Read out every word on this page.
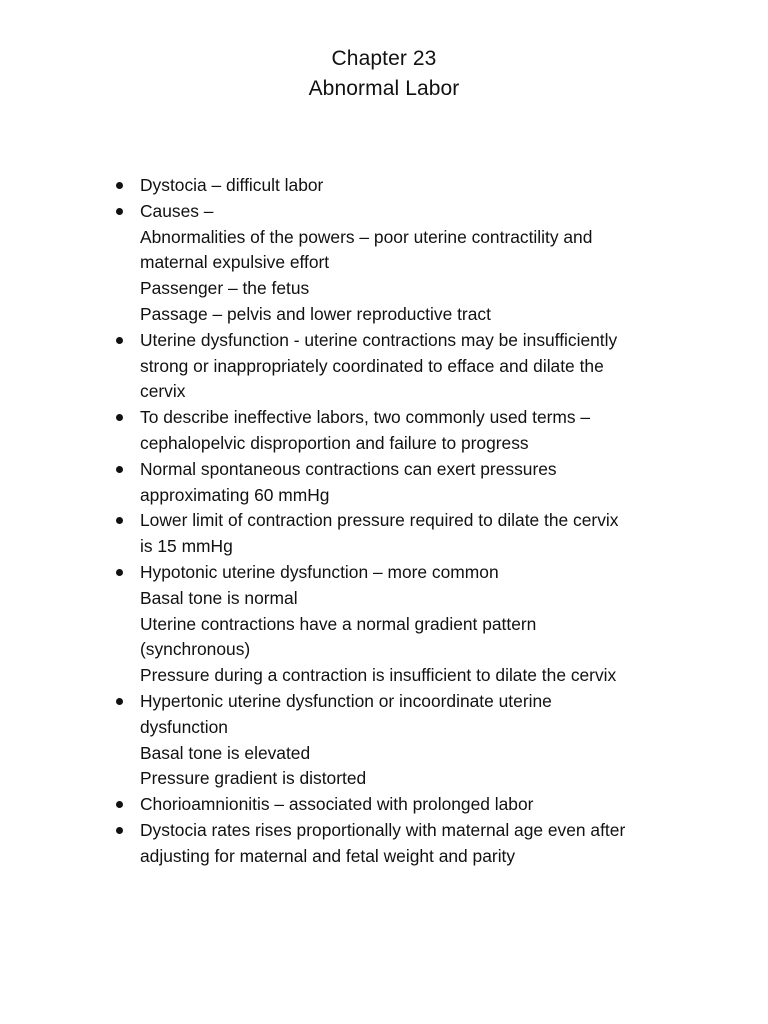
Chapter 23
Abnormal Labor
Dystocia – difficult labor
Causes –
Abnormalities of the powers – poor uterine contractility and
maternal expulsive effort
Passenger – the fetus
Passage – pelvis and lower reproductive tract
Uterine dysfunction - uterine contractions may be insufficiently
strong or inappropriately coordinated to efface and dilate the
cervix
To describe ineffective labors, two commonly used terms –
cephalopelvic disproportion and failure to progress
Normal spontaneous contractions can exert pressures
approximating 60 mmHg
Lower limit of contraction pressure required to dilate the cervix
is 15 mmHg
Hypotonic uterine dysfunction – more common
Basal tone is normal
Uterine contractions have a normal gradient pattern
(synchronous)
Pressure during a contraction is insufficient to dilate the cervix
Hypertonic uterine dysfunction or incoordinate uterine
dysfunction
Basal tone is elevated
Pressure gradient is distorted
Chorioamnionitis – associated with prolonged labor
Dystocia rates rises proportionally with maternal age even after
adjusting for maternal and fetal weight and parity
